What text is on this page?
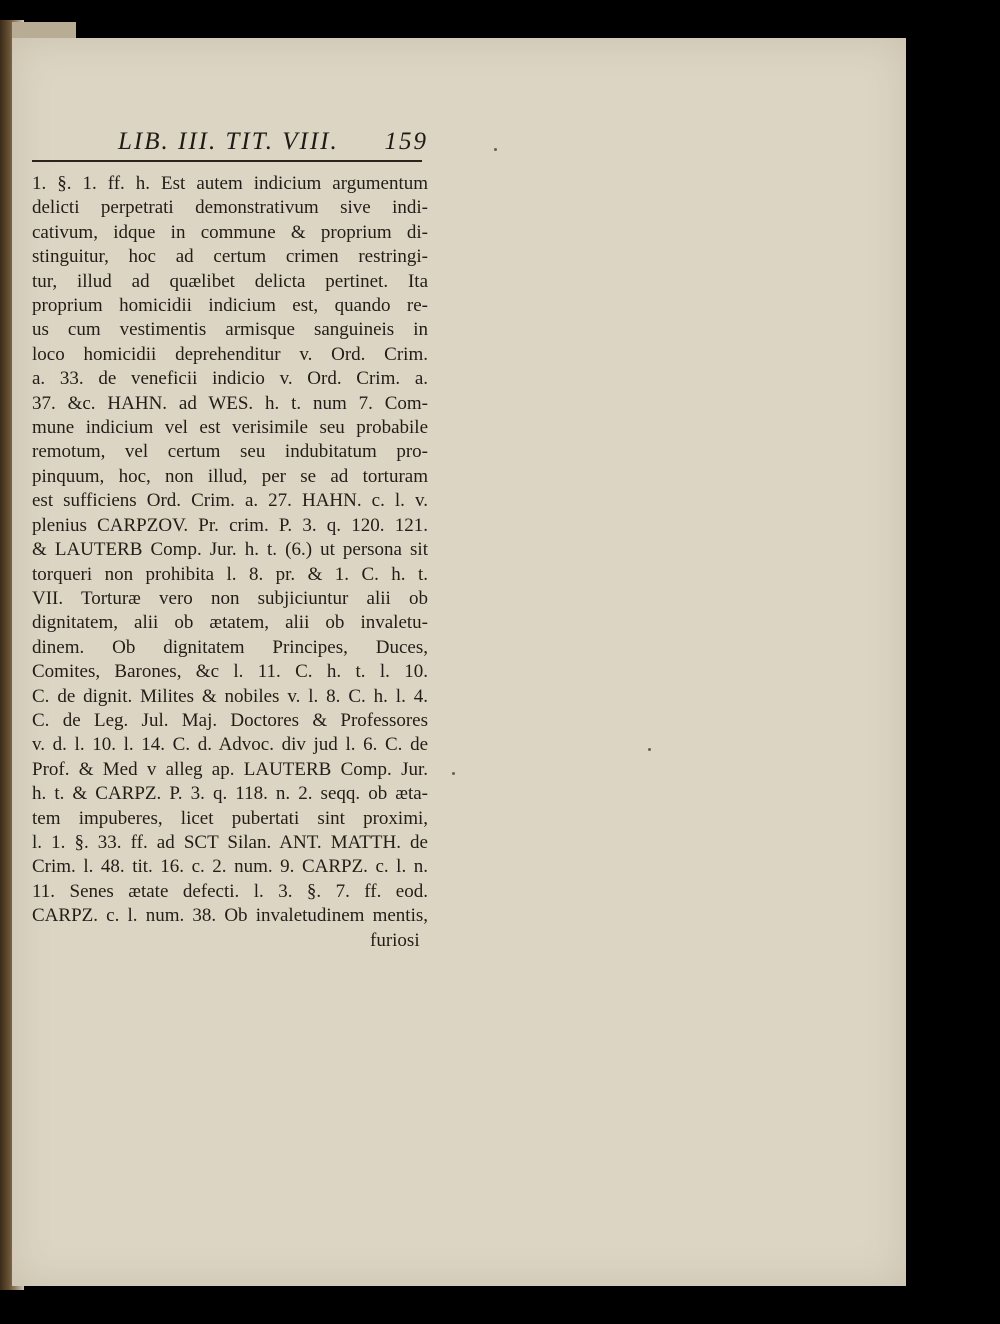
LIB. III. TIT. VIII. 159
1. §. 1. ff. h. Est autem indicium argumentum
delicti perpetrati demonstrativum sive indi-
cativum, idque in commune & proprium di-
stinguitur, hoc ad certum crimen restringi-
tur, illud ad quælibet delicta pertinet. Ita
proprium homicidii indicium est, quando re-
us cum vestimentis armisque sanguineis in
loco homicidii deprehenditur v. Ord. Crim.
a. 33. de veneficii indicio v. Ord. Crim. a.
37. &c. HAHN. ad WES. h. t. num 7. Com-
mune indicium vel est verisimile seu probabile
remotum, vel certum seu indubitatum pro-
pinquum, hoc, non illud, per se ad torturam
est sufficiens Ord. Crim. a. 27. HAHN. c. l. v.
plenius CARPZOV. Pr. crim. P. 3. q. 120. 121.
& LAUTERB Comp. Jur. h. t. (6.) ut persona sit
torqueri non prohibita l. 8. pr. & 1. C. h. t.
VII. Torturæ vero non subjiciuntur alii ob
dignitatem, alii ob ætatem, alii ob invaletu-
dinem. Ob dignitatem Principes, Duces,
Comites, Barones, &c l. 11. C. h. t. l. 10.
C. de dignit. Milites & nobiles v. l. 8. C. h. l. 4.
C. de Leg. Jul. Maj. Doctores & Professores
v. d. l. 10. l. 14. C. d. Advoc. div jud l. 6. C. de
Prof. & Med v alleg ap. LAUTERB Comp. Jur.
h. t. & CARPZ. P. 3. q. 118. n. 2. seqq. ob æta-
tem impuberes, licet pubertati sint proximi,
l. 1. §. 33. ff. ad SCT Silan. ANT. MATTH. de
Crim. l. 48. tit. 16. c. 2. num. 9. CARPZ. c. l. n.
11. Senes ætate defecti. l. 3. §. 7. ff. eod.
CARPZ. c. l. num. 38. Ob invaletudinem mentis,
furiosi
